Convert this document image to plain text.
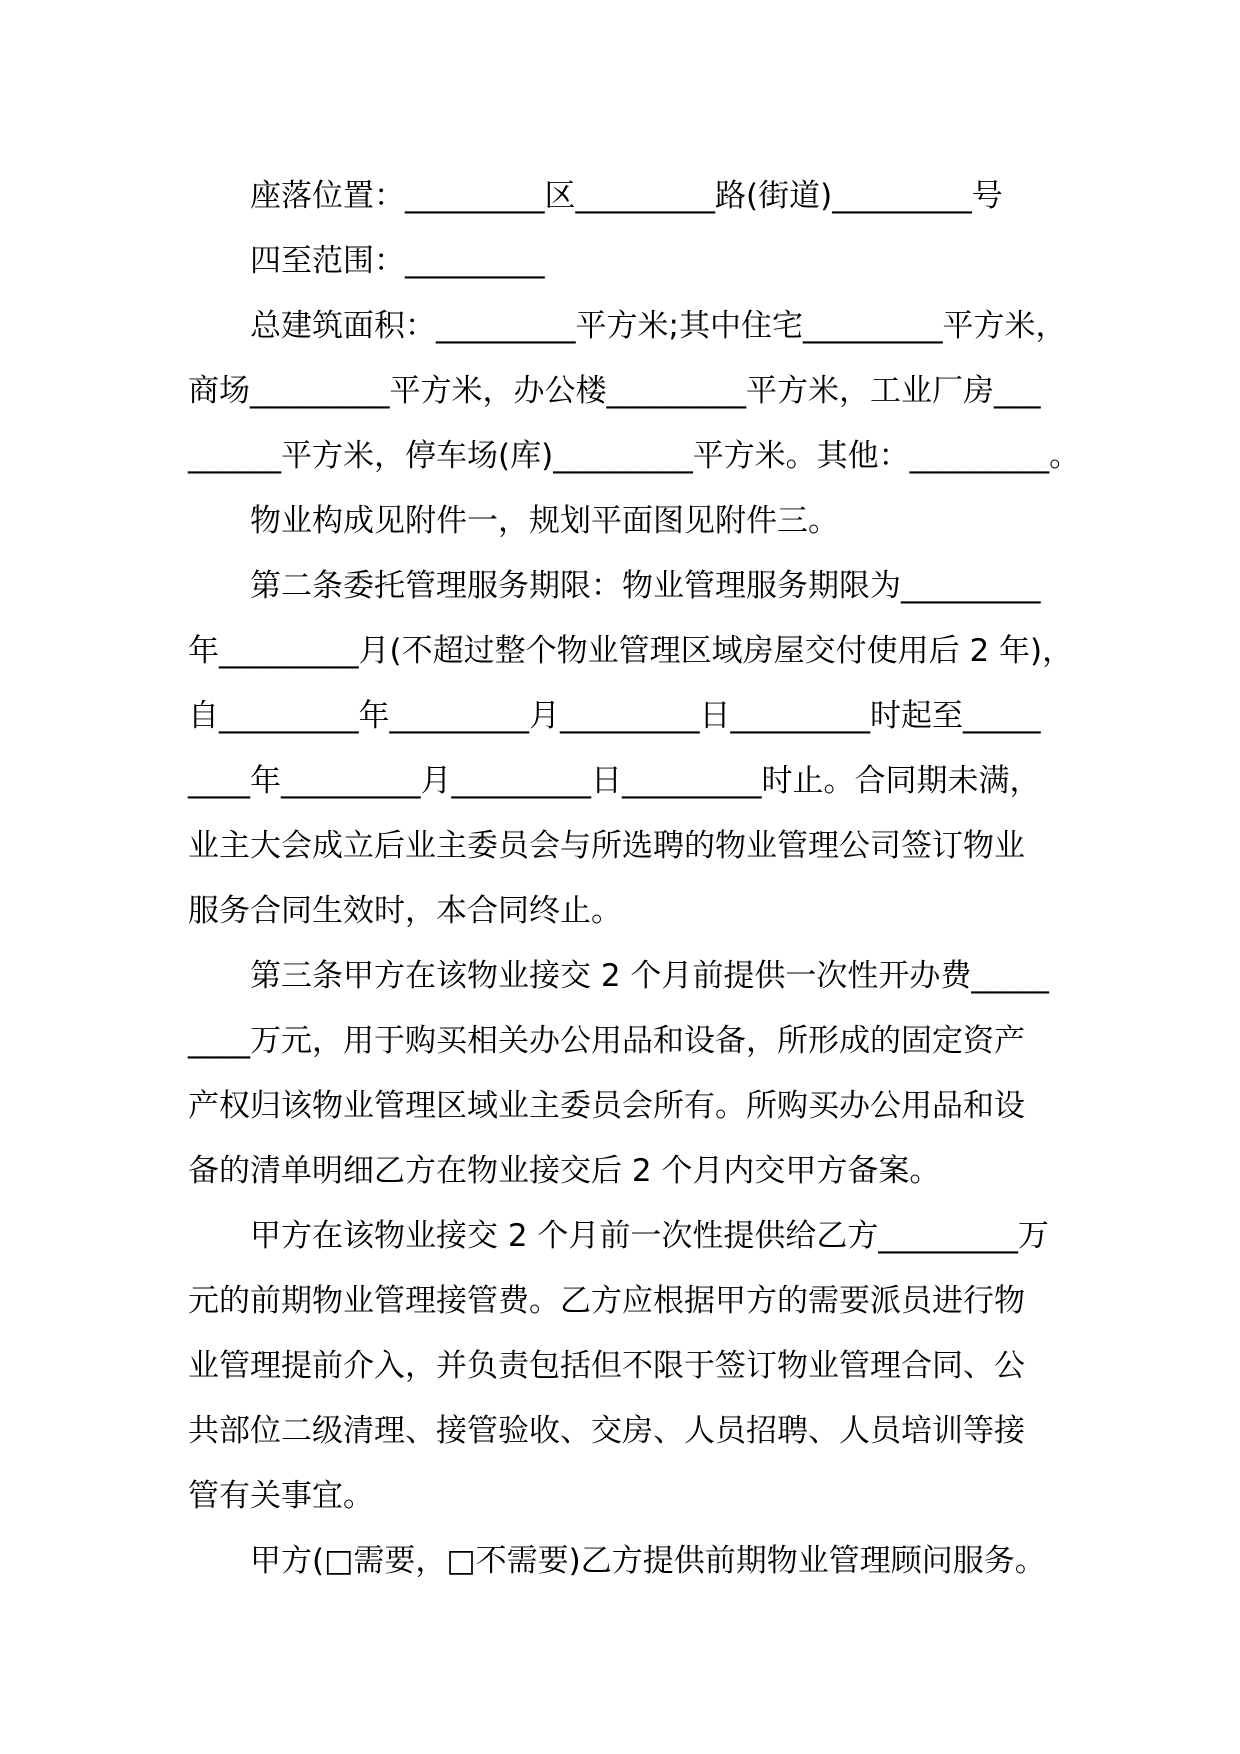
座落位置：_________区_________路(街道)_________号
四至范围：_________
总建筑面积：_________平方米;其中住宅_________平方米，
商场_________平方米，办公楼_________平方米，工业厂房___
______平方米，停车场(库)_________平方米。其他：_________。
物业构成见附件一，规划平面图见附件三。
第二条委托管理服务期限：物业管理服务期限为_________
年_________月(不超过整个物业管理区域房屋交付使用后 2 年)，
自_________年_________月_________日_________时起至_____
____年_________月_________日_________时止。合同期未满，
业主大会成立后业主委员会与所选聘的物业管理公司签订物业
服务合同生效时，本合同终止。
第三条甲方在该物业接交 2 个月前提供一次性开办费_____
____万元，用于购买相关办公用品和设备，所形成的固定资产
产权归该物业管理区域业主委员会所有。所购买办公用品和设
备的清单明细乙方在物业接交后 2 个月内交甲方备案。
甲方在该物业接交 2 个月前一次性提供给乙方_________万
元的前期物业管理接管费。乙方应根据甲方的需要派员进行物
业管理提前介入，并负责包括但不限于签订物业管理合同、公
共部位二级清理、接管验收、交房、人员招聘、人员培训等接
管有关事宜。
甲方(□需要，□不需要)乙方提供前期物业管理顾问服务。
